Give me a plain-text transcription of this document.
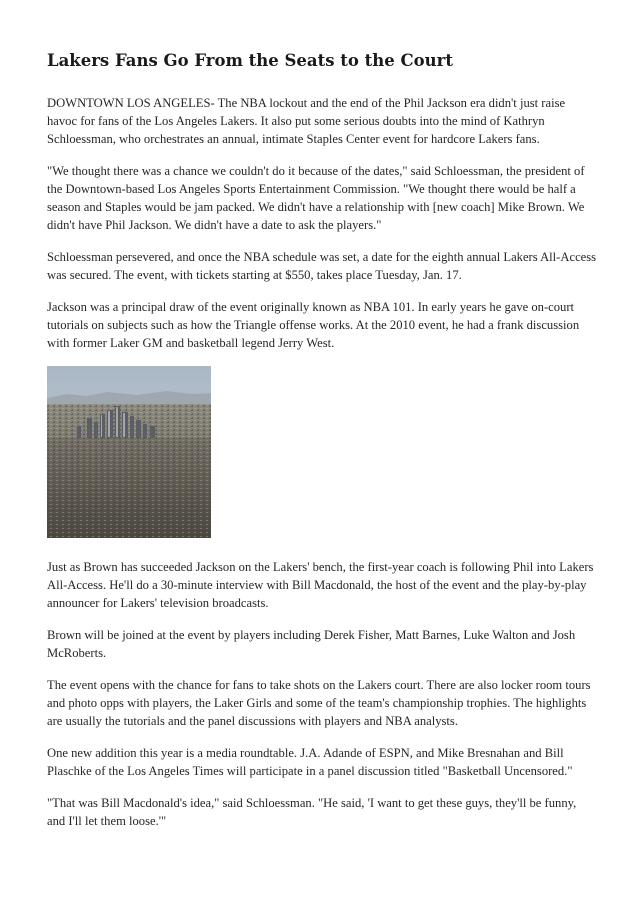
Lakers Fans Go From the Seats to the Court

DOWNTOWN LOS ANGELES- The NBA lockout and the end of the Phil Jackson era didn't just raise havoc for fans of the Los Angeles Lakers. It also put some serious doubts into the mind of Kathryn Schloessman, who orchestrates an annual, intimate Staples Center event for hardcore Lakers fans.

"We thought there was a chance we couldn't do it because of the dates," said Schloessman, the president of the Downtown-based Los Angeles Sports Entertainment Commission. "We thought there would be half a season and Staples would be jam packed. We didn't have a relationship with [new coach] Mike Brown. We didn't have Phil Jackson. We didn't have a date to ask the players."

Schloessman persevered, and once the NBA schedule was set, a date for the eighth annual Lakers All-Access was secured. The event, with tickets starting at $550, takes place Tuesday, Jan. 17.

Jackson was a principal draw of the event originally known as NBA 101. In early years he gave on-court tutorials on subjects such as how the Triangle offense works. At the 2010 event, he had a frank discussion with former Laker GM and basketball legend Jerry West.

Just as Brown has succeeded Jackson on the Lakers' bench, the first-year coach is following Phil into Lakers All-Access. He'll do a 30-minute interview with Bill Macdonald, the host of the event and the play-by-play announcer for Lakers' television broadcasts.

Brown will be joined at the event by players including Derek Fisher, Matt Barnes, Luke Walton and Josh McRoberts.

The event opens with the chance for fans to take shots on the Lakers court. There are also locker room tours and photo opps with players, the Laker Girls and some of the team's championship trophies. The highlights are usually the tutorials and the panel discussions with players and NBA analysts.

One new addition this year is a media roundtable. J.A. Adande of ESPN, and Mike Bresnahan and Bill Plaschke of the Los Angeles Times will participate in a panel discussion titled "Basketball Uncensored."

"That was Bill Macdonald's idea," said Schloessman. "He said, 'I want to get these guys, they'll be funny, and I'll let them loose.'"
